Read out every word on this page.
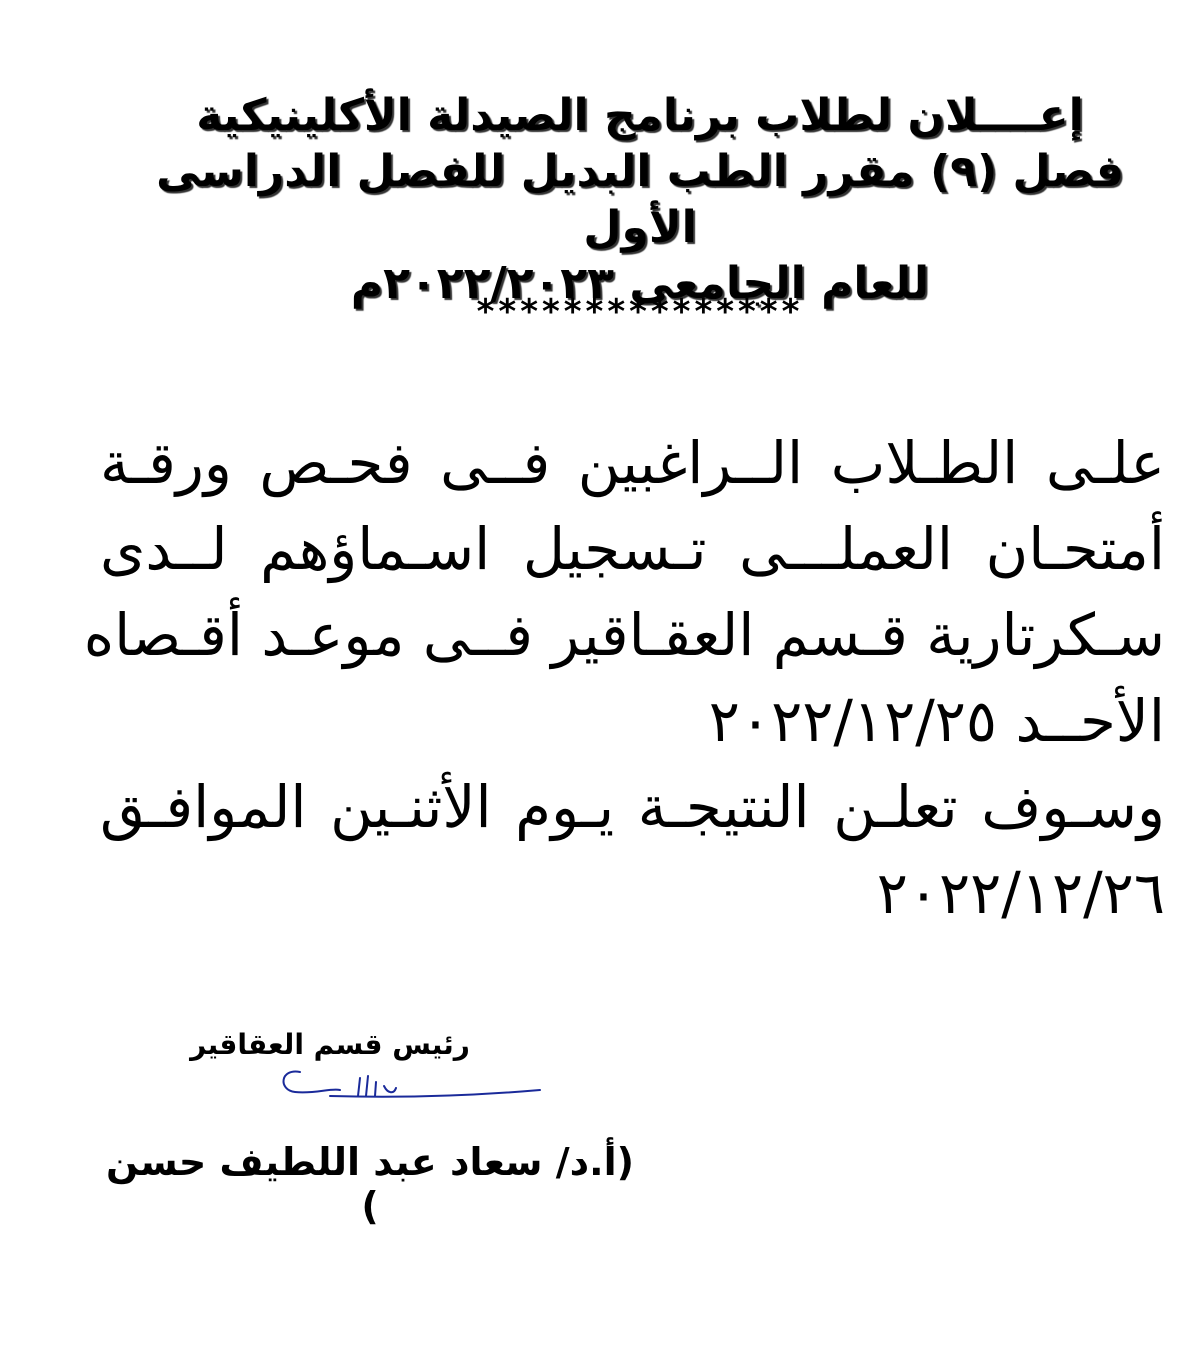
إعــــلان لطلاب برنامج الصيدلة الأكلينيكية
فصل (٩) مقرر الطب البديل للفصل الدراسى الأول
للعام الجامعى ٢٠٢٢/٢٠٢٣م
***************
علـى الطـلاب الــراغبين فــى فحـص ورقـة
أمتحـان العملـــى تـسجيل اسـماؤهم لــدى
سـكرتارية قـسم العقـاقير فــى موعـد أقـصاه
الأحــد ٢٠٢٢/١٢/٢٥
وسـوف تعلـن النتيجـة يـوم الأثنـين الموافـق
٢٠٢٢/١٢/٢٦
رئيس قسم العقاقير
(أ.د/ سعاد عبد اللطيف حسن )
